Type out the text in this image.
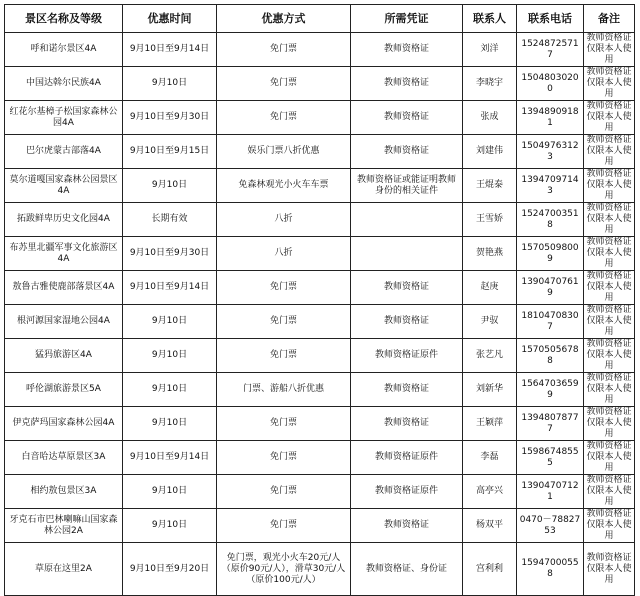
景区名称及等级	优惠时间	优惠方式	所需凭证	联系人	联系电话	备注
呼和诺尔景区4A	9月10日至9月14日	免门票	教师资格证	刘洋	15248725717	教师资格证仅限本人使用
中国达斡尔民族4A	9月10日	免门票	教师资格证	李晓宇	15048030200	教师资格证仅限本人使用
红花尔基樟子松国家森林公园4A	9月10日至9月30日	免门票	教师资格证	张成	13948909181	教师资格证仅限本人使用
巴尔虎蒙古部落4A	9月10日至9月15日	娱乐门票八折优惠	教师资格证	刘建伟	15049763123	教师资格证仅限本人使用
莫尔道嘎国家森林公园景区4A	9月10日	免森林观光小火车车票	教师资格证或能证明教师身份的相关证件	王焜泰	13947097143	教师资格证仅限本人使用
拓跋鲜卑历史文化园4A	长期有效	八折		王雪娇	15247003518	教师资格证仅限本人使用
布苏里北疆军事文化旅游区4A	9月10日至9月30日	八折		贺艳燕	15705098009	教师资格证仅限本人使用
敖鲁古雅使鹿部落景区4A	9月10日至9月14日	免门票	教师资格证	赵庚	13904707619	教师资格证仅限本人使用
根河源国家湿地公园4A	9月10日	免门票	教师资格证	尹驭	18104708307	教师资格证仅限本人使用
猛犸旅游区4A	9月10日	免门票	教师资格证原件	张艺凡	15705056788	教师资格证仅限本人使用
呼伦湖旅游景区5A	9月10日	门票、游船八折优惠	教师资格证	刘新华	15647036599	教师资格证仅限本人使用
伊克萨玛国家森林公园4A	9月10日	免门票	教师资格证	王颖萍	13948078777	教师资格证仅限本人使用
白音哈达草原景区3A	9月10日至9月14日	免门票	教师资格证原件	李磊	15986748555	教师资格证仅限本人使用
相约敖包景区3A	9月10日	免门票	教师资格证原件	高亭兴	13904707121	教师资格证仅限本人使用
牙克石市巴林喇嘛山国家森林公园2A	9月10日	免门票	教师资格证	杨双平	0470－7882753	教师资格证仅限本人使用
草原在这里2A	9月10日至9月20日	免门票，观光小火车20元/人（原价90元/人），滑草30元/人（原价100元/人）	教师资格证、身份证	宫利利	15947000558	教师资格证仅限本人使用
